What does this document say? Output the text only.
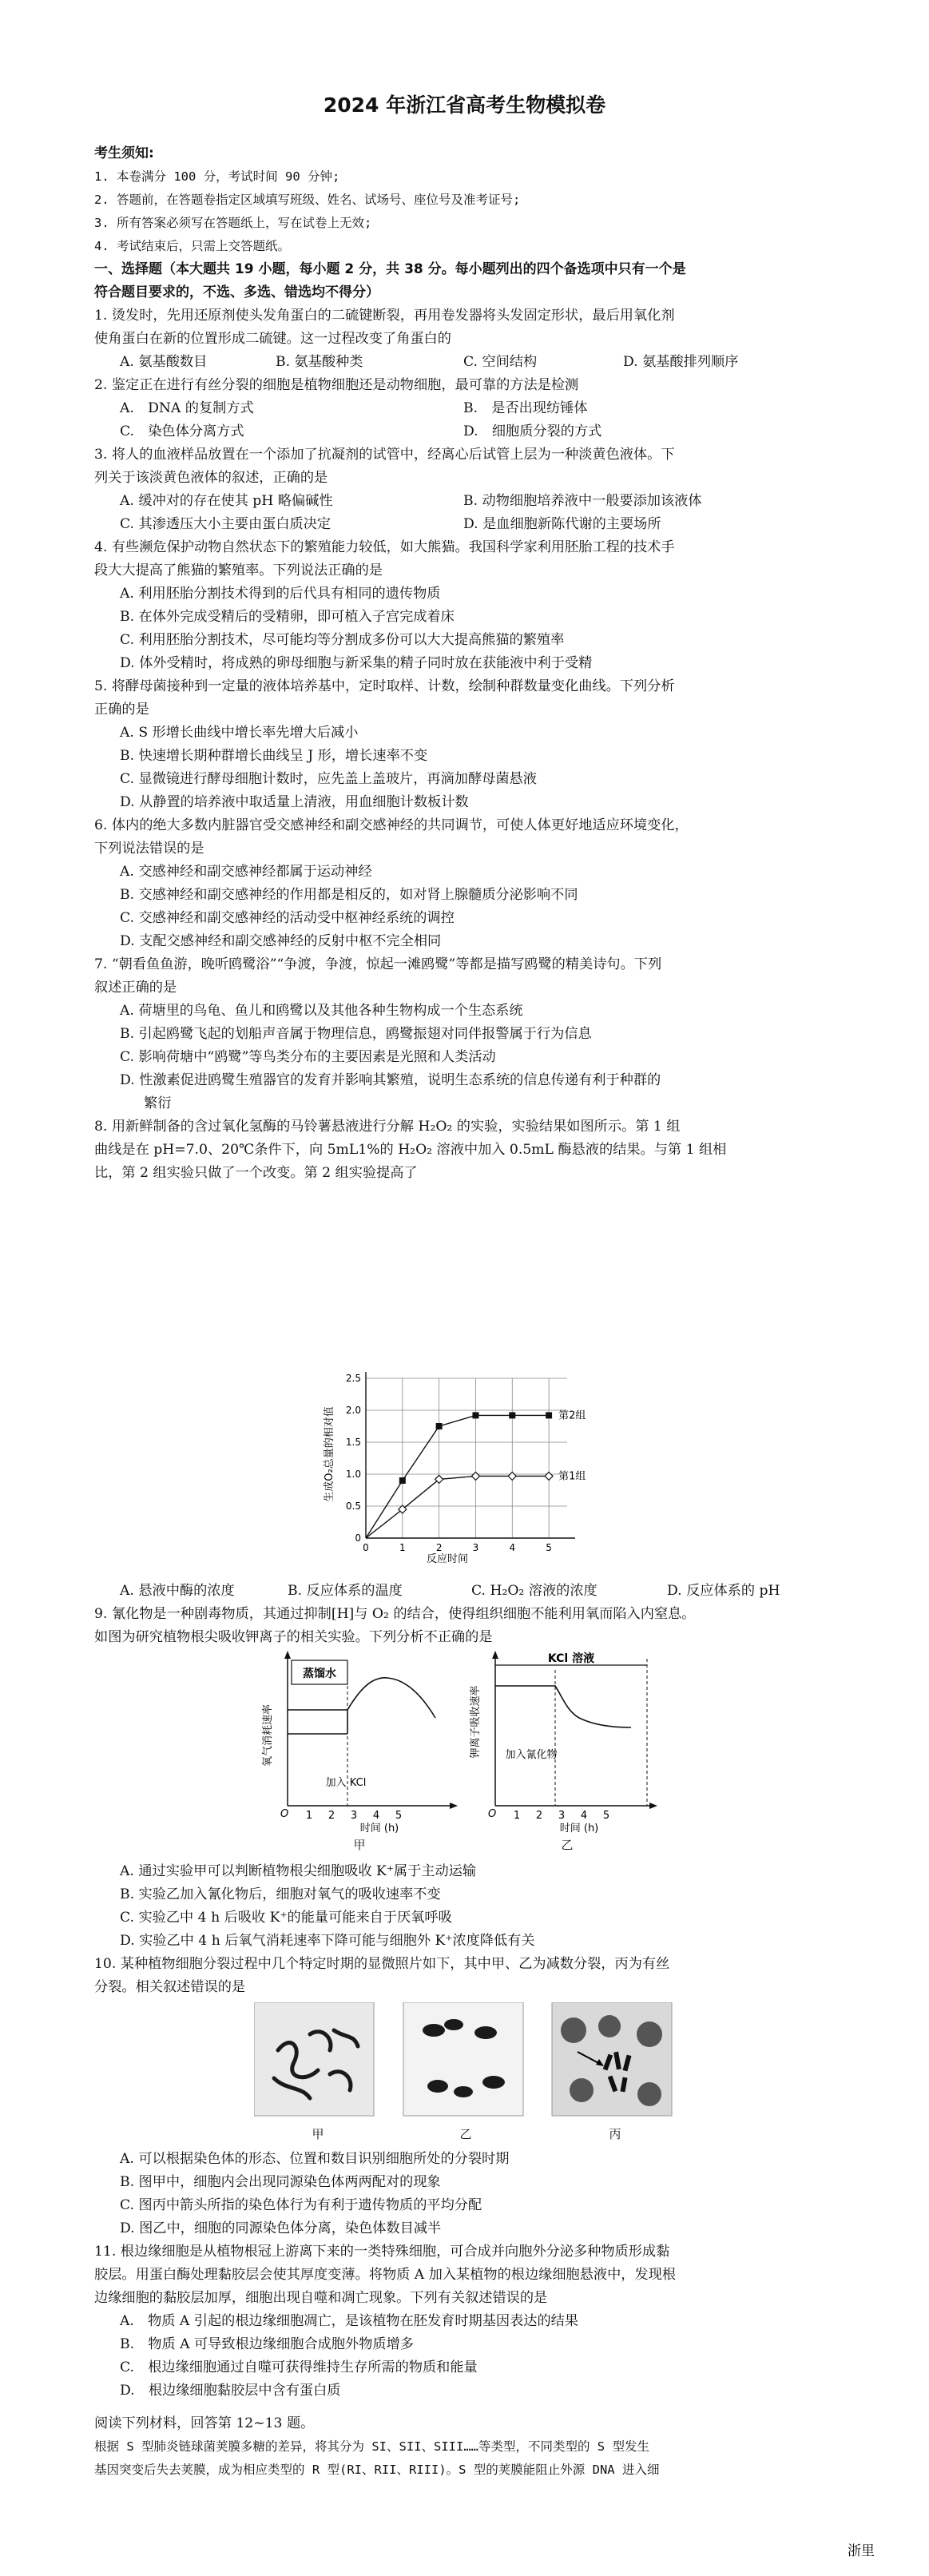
2024 年浙江省高考生物模拟卷
考生须知:
1. 本卷满分 100 分，考试时间 90 分钟;
2. 答题前，在答题卷指定区域填写班级、姓名、试场号、座位号及准考证号;
3. 所有答案必须写在答题纸上，写在试卷上无效;
4. 考试结束后，只需上交答题纸。
一、选择题（本大题共 19 小题，每小题 2 分，共 38 分。每小题列出的四个备选项中只有一个是
符合题目要求的，不选、多选、错选均不得分）
1. 烫发时，先用还原剂使头发角蛋白的二硫键断裂，再用卷发器将头发固定形状，最后用氧化剂
使角蛋白在新的位置形成二硫键。这一过程改变了角蛋白的
A. 氨基酸数目	B. 氨基酸种类	C. 空间结构	D. 氨基酸排列顺序
2. 鉴定正在进行有丝分裂的细胞是植物细胞还是动物细胞，最可靠的方法是检测
A.　DNA 的复制方式	B.　是否出现纺锤体
C.　染色体分离方式	D.　细胞质分裂的方式
3. 将人的血液样品放置在一个添加了抗凝剂的试管中，经离心后试管上层为一种淡黄色液体。下
列关于该淡黄色液体的叙述，正确的是
A. 缓冲对的存在使其 pH 略偏碱性	B. 动物细胞培养液中一般要添加该液体
C. 其渗透压大小主要由蛋白质决定	D. 是血细胞新陈代谢的主要场所
4. 有些濒危保护动物自然状态下的繁殖能力较低，如大熊猫。我国科学家利用胚胎工程的技术手
段大大提高了熊猫的繁殖率。下列说法正确的是
A. 利用胚胎分割技术得到的后代具有相同的遗传物质
B. 在体外完成受精后的受精卵，即可植入子宫完成着床
C. 利用胚胎分割技术，尽可能均等分割成多份可以大大提高熊猫的繁殖率
D. 体外受精时，将成熟的卵母细胞与新采集的精子同时放在获能液中利于受精
5. 将酵母菌接种到一定量的液体培养基中，定时取样、计数，绘制种群数量变化曲线。下列分析
正确的是
A. S 形增长曲线中增长率先增大后减小
B. 快速增长期种群增长曲线呈 J 形，增长速率不变
C. 显微镜进行酵母细胞计数时，应先盖上盖玻片，再滴加酵母菌悬液
D. 从静置的培养液中取适量上清液，用血细胞计数板计数
6. 体内的绝大多数内脏器官受交感神经和副交感神经的共同调节，可使人体更好地适应环境变化，
下列说法错误的是
A. 交感神经和副交感神经都属于运动神经
B. 交感神经和副交感神经的作用都是相反的，如对肾上腺髓质分泌影响不同
C. 交感神经和副交感神经的活动受中枢神经系统的调控
D. 支配交感神经和副交感神经的反射中枢不完全相同
7. “朝看鱼鱼游，晚听鸥鹭浴”“争渡，争渡，惊起一滩鸥鹭”等都是描写鸥鹭的精美诗句。下列
叙述正确的是
A. 荷塘里的鸟龟、鱼儿和鸥鹭以及其他各种生物构成一个生态系统
B. 引起鸥鹭飞起的划船声音属于物理信息，鸥鹭振翅对同伴报警属于行为信息
C. 影响荷塘中“鸥鹭”等鸟类分布的主要因素是光照和人类活动
D. 性激素促进鸥鹭生殖器官的发育并影响其繁殖，说明生态系统的信息传递有利于种群的
繁衍
8. 用新鲜制备的含过氧化氢酶的马铃薯悬液进行分解 H₂O₂ 的实验，实验结果如图所示。第 1 组
曲线是在 pH=7.0、20℃条件下，向 5mL1%的 H₂O₂ 溶液中加入 0.5mL 酶悬液的结果。与第 1 组相
比，第 2 组实验只做了一个改变。第 2 组实验提高了
0
0.5
1.0
1.5
2.0
2.5
0	1	2	3	4	5
第2组
第1组
生成O₂总量的相对值
反应时间
A. 悬液中酶的浓度	B. 反应体系的温度	C. H₂O₂ 溶液的浓度	D. 反应体系的 pH
9. 氰化物是一种剧毒物质，其通过抑制[H]与 O₂ 的结合，使得组织细胞不能利用氧而陷入内窒息。
如图为研究植物根尖吸收钾离子的相关实验。下列分析不正确的是
氧气消耗速率
蒸馏水
加入 KCl
O 1 2 3 4 5
时间 (h)
甲
钾离子吸收速率
KCl 溶液
加入氰化物
O 1 2 3 4 5
时间 (h)
乙
A. 通过实验甲可以判断植物根尖细胞吸收 K⁺属于主动运输
B. 实验乙加入氰化物后，细胞对氧气的吸收速率不变
C. 实验乙中 4 h 后吸收 K⁺的能量可能来自于厌氧呼吸
D. 实验乙中 4 h 后氧气消耗速率下降可能与细胞外 K⁺浓度降低有关
10. 某种植物细胞分裂过程中几个特定时期的显微照片如下，其中甲、乙为减数分裂，丙为有丝
分裂。相关叙述错误的是
甲	乙	丙
A. 可以根据染色体的形态、位置和数目识别细胞所处的分裂时期
B. 图甲中，细胞内会出现同源染色体两两配对的现象
C. 图丙中箭头所指的染色体行为有利于遗传物质的平均分配
D. 图乙中，细胞的同源染色体分离，染色体数目减半
11. 根边缘细胞是从植物根冠上游离下来的一类特殊细胞，可合成并向胞外分泌多种物质形成黏
胶层。用蛋白酶处理黏胶层会使其厚度变薄。将物质 A 加入某植物的根边缘细胞悬液中，发现根
边缘细胞的黏胶层加厚，细胞出现自噬和凋亡现象。下列有关叙述错误的是
A.　物质 A 引起的根边缘细胞凋亡，是该植物在胚发育时期基因表达的结果
B.　物质 A 可导致根边缘细胞合成胞外物质增多
C.　根边缘细胞通过自噬可获得维持生存所需的物质和能量
D.　根边缘细胞黏胶层中含有蛋白质
阅读下列材料，回答第 12~13 题。
根据 S 型肺炎链球菌荚膜多糖的差异，将其分为 SI、SII、SIII……等类型，不同类型的 S 型发生
基因突变后失去荚膜，成为相应类型的 R 型(RI、RII、RIII)。S 型的荚膜能阻止外源 DNA 进入细
浙里
